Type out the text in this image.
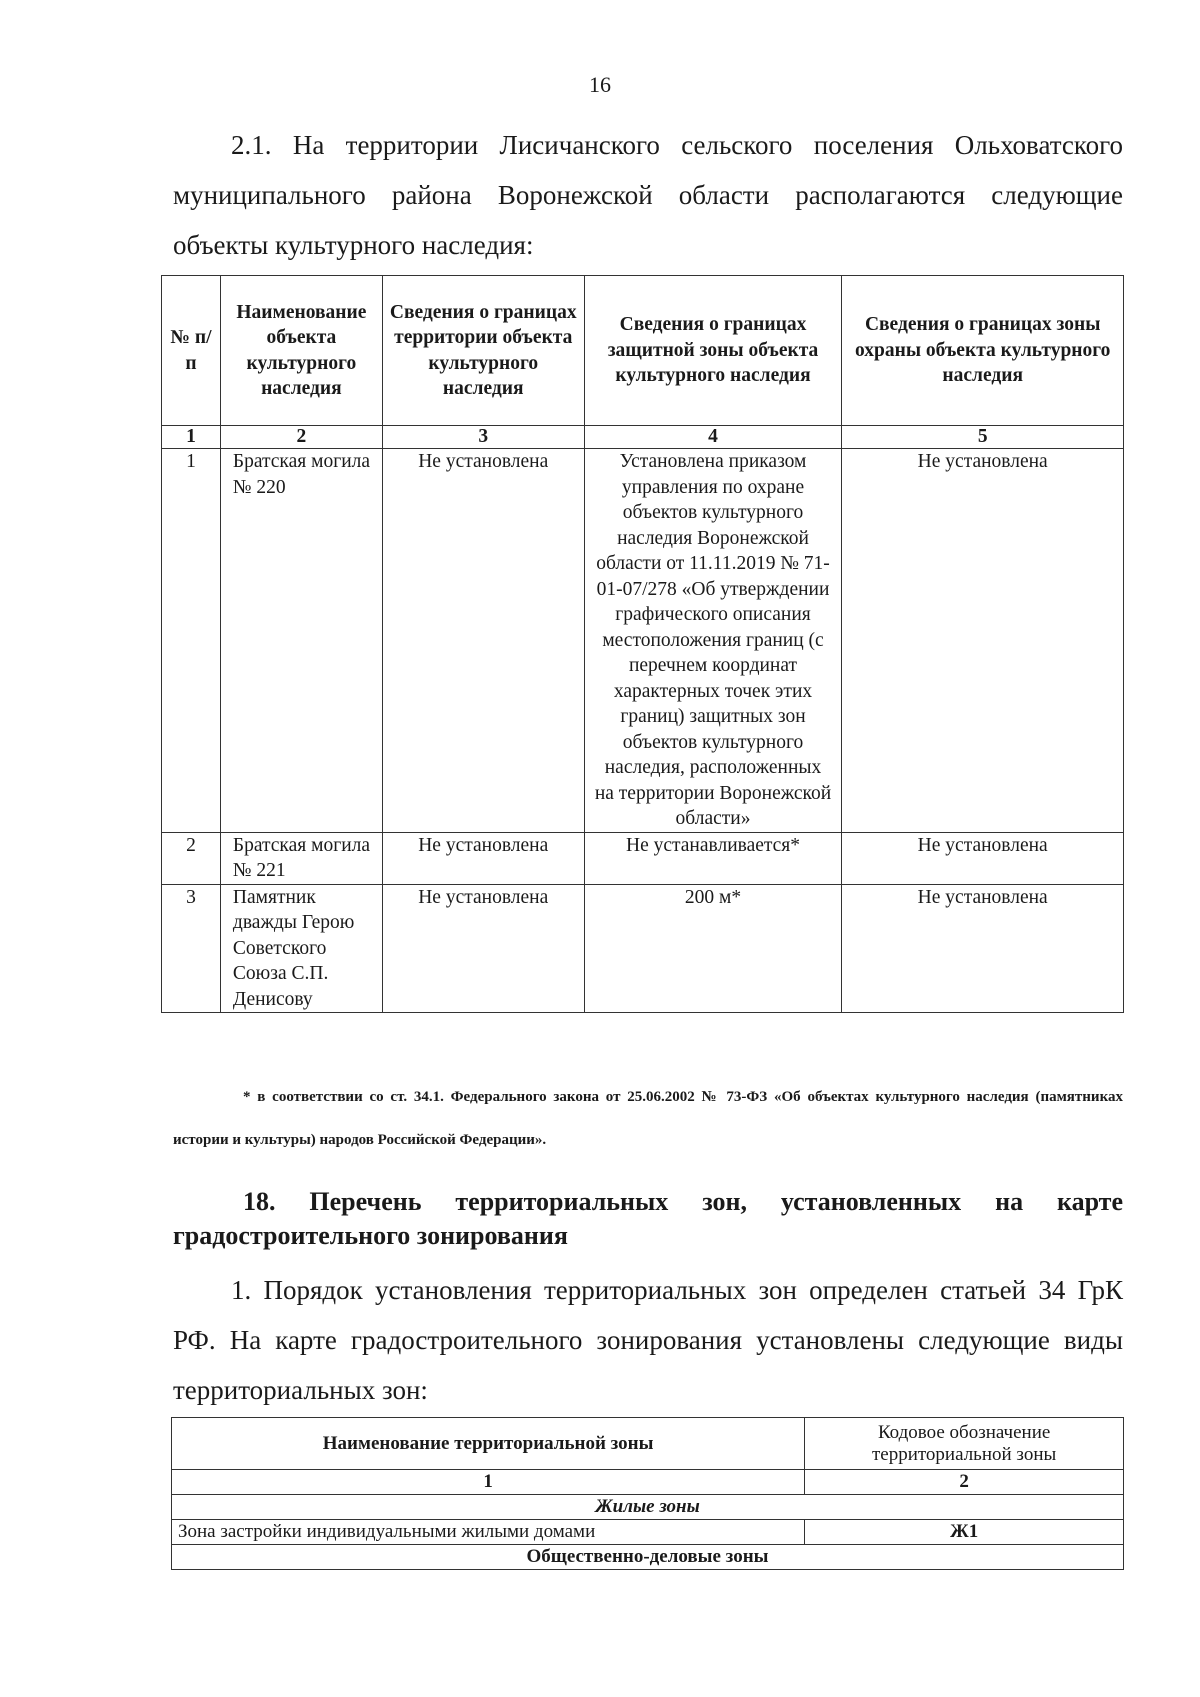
16

2.1. На территории Лисичанского сельского поселения Ольховатского муниципального района Воронежской области располагаются следующие объекты культурного наследия:

№ п/п	Наименование объекта культурного наследия	Сведения о границах территории объекта культурного наследия	Сведения о границах защитной зоны объекта культурного наследия	Сведения о границах зоны охраны объекта культурного наследия
1	2	3	4	5
1	Братская могила № 220	Не установлена	Установлена приказом управления по охране объектов культурного наследия Воронежской области от 11.11.2019 № 71-01-07/278 «Об утверждении графического описания местоположения границ (с перечнем координат характерных точек этих границ) защитных зон объектов культурного наследия, расположенных на территории Воронежской области»	Не установлена
2	Братская могила № 221	Не установлена	Не устанавливается*	Не установлена
3	Памятник дважды Герою Советского Союза С.П. Денисову	Не установлена	200 м*	Не установлена

* в соответствии со ст. 34.1. Федерального закона от 25.06.2002 № 73-ФЗ «Об объектах культурного наследия (памятниках истории и культуры) народов Российской Федерации».

18. Перечень территориальных зон, установленных на карте градостроительного зонирования

1. Порядок установления территориальных зон определен статьей 34 ГрК РФ. На карте градостроительного зонирования установлены следующие виды территориальных зон:

Наименование территориальной зоны	Кодовое обозначение территориальной зоны
1	2
Жилые зоны	
Зона застройки индивидуальными жилыми домами	Ж1
Общественно-деловые зоны	
